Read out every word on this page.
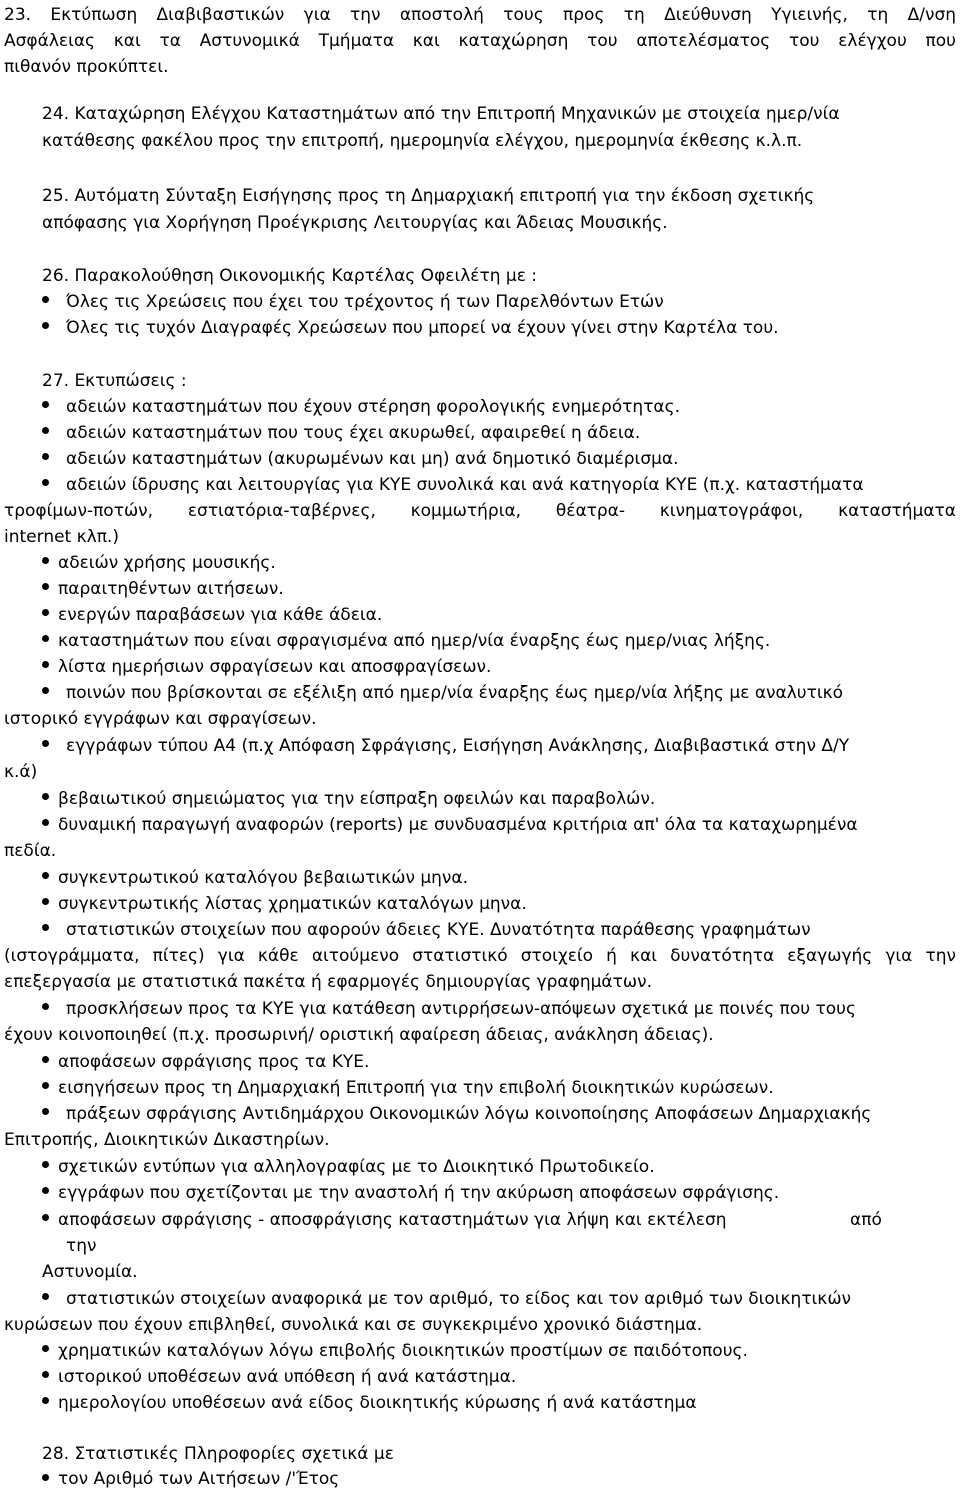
23. Εκτύπωση Διαβιβαστικών για την αποστολή τους προς τη Διεύθυνση Υγιεινής, τη Δ/νση
Ασφάλειας και τα Αστυνομικά Τμήματα και καταχώρηση του αποτελέσματος του ελέγχου που
πιθανόν προκύπτει.
24. Καταχώρηση Ελέγχου Καταστημάτων από την Επιτροπή Μηχανικών με στοιχεία ημερ/νία
κατάθεσης φακέλου προς την επιτροπή, ημερομηνία ελέγχου, ημερομηνία έκθεσης κ.λ.π.
25. Αυτόματη Σύνταξη Εισήγησης προς τη Δημαρχιακή επιτροπή για την έκδοση σχετικής
απόφασης για Χορήγηση Προέγκρισης Λειτουργίας και Άδειας Μουσικής.
26. Παρακολούθηση Οικονομικής Καρτέλας Οφειλέτη με :
Όλες τις Χρεώσεις που έχει του τρέχοντος ή των Παρελθόντων Ετών
Όλες τις τυχόν Διαγραφές Χρεώσεων που μπορεί να έχουν γίνει στην Καρτέλα του.
27. Εκτυπώσεις :
αδειών καταστημάτων που έχουν στέρηση φορολογικής ενημερότητας.
αδειών καταστημάτων που τους έχει ακυρωθεί, αφαιρεθεί η άδεια.
αδειών καταστημάτων (ακυρωμένων και μη) ανά δημοτικό διαμέρισμα.
αδειών ίδρυσης και λειτουργίας για ΚΥΕ συνολικά και ανά κατηγορία ΚΥΕ (π.χ. καταστήματα
τροφίμων-ποτών, εστιατόρια-ταβέρνες, κομμωτήρια, θέατρα- κινηματογράφοι, καταστήματα
internet κλπ.)
αδειών χρήσης μουσικής.
παραιτηθέντων αιτήσεων.
ενεργών παραβάσεων για κάθε άδεια.
καταστημάτων που είναι σφραγισμένα από ημερ/νία έναρξης έως ημερ/νιας λήξης.
λίστα ημερήσιων σφραγίσεων και αποσφραγίσεων.
ποινών που βρίσκονται σε εξέλιξη από ημερ/νία έναρξης έως ημερ/νία λήξης με αναλυτικό
ιστορικό εγγράφων και σφραγίσεων.
εγγράφων τύπου Α4 (π.χ Απόφαση Σφράγισης, Εισήγηση Ανάκλησης, Διαβιβαστικά στην Δ/Υ
κ.ά)
βεβαιωτικού σημειώματος για την είσπραξη οφειλών και παραβολών.
δυναμική παραγωγή αναφορών (reports) με συνδυασμένα κριτήρια απ' όλα τα καταχωρημένα
πεδία.
συγκεντρωτικού καταλόγου βεβαιωτικών μηνα.
συγκεντρωτικής λίστας χρηματικών καταλόγων μηνα.
στατιστικών στοιχείων που αφορούν άδειες ΚΥΕ. Δυνατότητα παράθεσης γραφημάτων
(ιστογράμματα, πίτες) για κάθε αιτούμενο στατιστικό στοιχείο ή και δυνατότητα εξαγωγής για την
επεξεργασία με στατιστικά πακέτα ή εφαρμογές δημιουργίας γραφημάτων.
προσκλήσεων προς τα ΚΥΕ για κατάθεση αντιρρήσεων-απόψεων σχετικά με ποινές που τους
έχουν κοινοποιηθεί (π.χ. προσωρινή/ οριστική αφαίρεση άδειας, ανάκληση άδειας).
αποφάσεων σφράγισης προς τα ΚΥΕ.
εισηγήσεων προς τη Δημαρχιακή Επιτροπή για την επιβολή διοικητικών κυρώσεων.
πράξεων σφράγισης Αντιδημάρχου Οικονομικών λόγω κοινοποίησης Αποφάσεων Δημαρχιακής
Επιτροπής, Διοικητικών Δικαστηρίων.
σχετικών εντύπων για αλληλογραφίας με το Διοικητικό Πρωτοδικείο.
εγγράφων που σχετίζονται με την αναστολή ή την ακύρωση αποφάσεων σφράγισης.
αποφάσεων σφράγισης - αποσφράγισης καταστημάτων για λήψη και εκτέλεση	από
την
Αστυνομία.
στατιστικών στοιχείων αναφορικά με τον αριθμό, το είδος και τον αριθμό των διοικητικών
κυρώσεων που έχουν επιβληθεί, συνολικά και σε συγκεκριμένο χρονικό διάστημα.
χρηματικών καταλόγων λόγω επιβολής διοικητικών προστίμων σε παιδότοπους.
ιστορικού υποθέσεων ανά υπόθεση ή ανά κατάστημα.
ημερολογίου υποθέσεων ανά είδος διοικητικής κύρωσης ή ανά κατάστημα
28. Στατιστικές Πληροφορίες σχετικά με
τον Αριθμό των Αιτήσεων /'Έτος
